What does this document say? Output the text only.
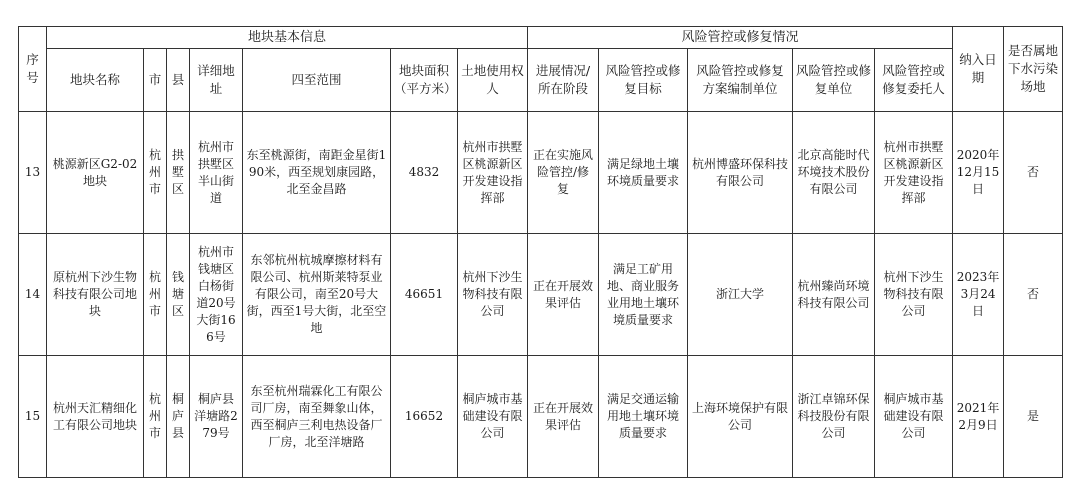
序号	地块基本信息							风险管控或修复情况					纳入日期	是否属地下水污染场地
	地块名称	市	县	详细地址	四至范围	地块面积（平方米）	土地使用权人	进展情况/所在阶段	风险管控或修复目标	风险管控或修复方案编制单位	风险管控或修复单位	风险管控或修复委托人		
13	桃源新区G2-02地块	杭州市	拱墅区	杭州市拱墅区半山街道	东至桃源街，南距金星街190米，西至规划康园路，北至金昌路	4832	杭州市拱墅区桃源新区开发建设指挥部	正在实施风险管控/修复	满足绿地土壤环境质量要求	杭州博盛环保科技有限公司	北京高能时代环境技术股份有限公司	杭州市拱墅区桃源新区开发建设指挥部	2020年12月15日	否
14	原杭州下沙生物科技有限公司地块	杭州市	钱塘区	杭州市钱塘区白杨街道20号大街166号	东邻杭州杭城摩擦材料有限公司、杭州斯莱特泵业有限公司，南至20号大街，西至1号大街，北至空地	46651	杭州下沙生物科技有限公司	正在开展效果评估	满足工矿用地、商业服务业用地土壤环境质量要求	浙江大学	杭州臻尚环境科技有限公司	杭州下沙生物科技有限公司	2023年3月24日	否
15	杭州天汇精细化工有限公司地块	杭州市	桐庐县	桐庐县洋塘路279号	东至杭州瑞霖化工有限公司厂房，南至舞象山体，西至桐庐三利电热设备厂厂房，北至洋塘路	16652	桐庐城市基础建设有限公司	正在开展效果评估	满足交通运输用地土壤环境质量要求	上海环境保护有限公司	浙江卓锦环保科技股份有限公司	桐庐城市基础建设有限公司	2021年2月9日	是
